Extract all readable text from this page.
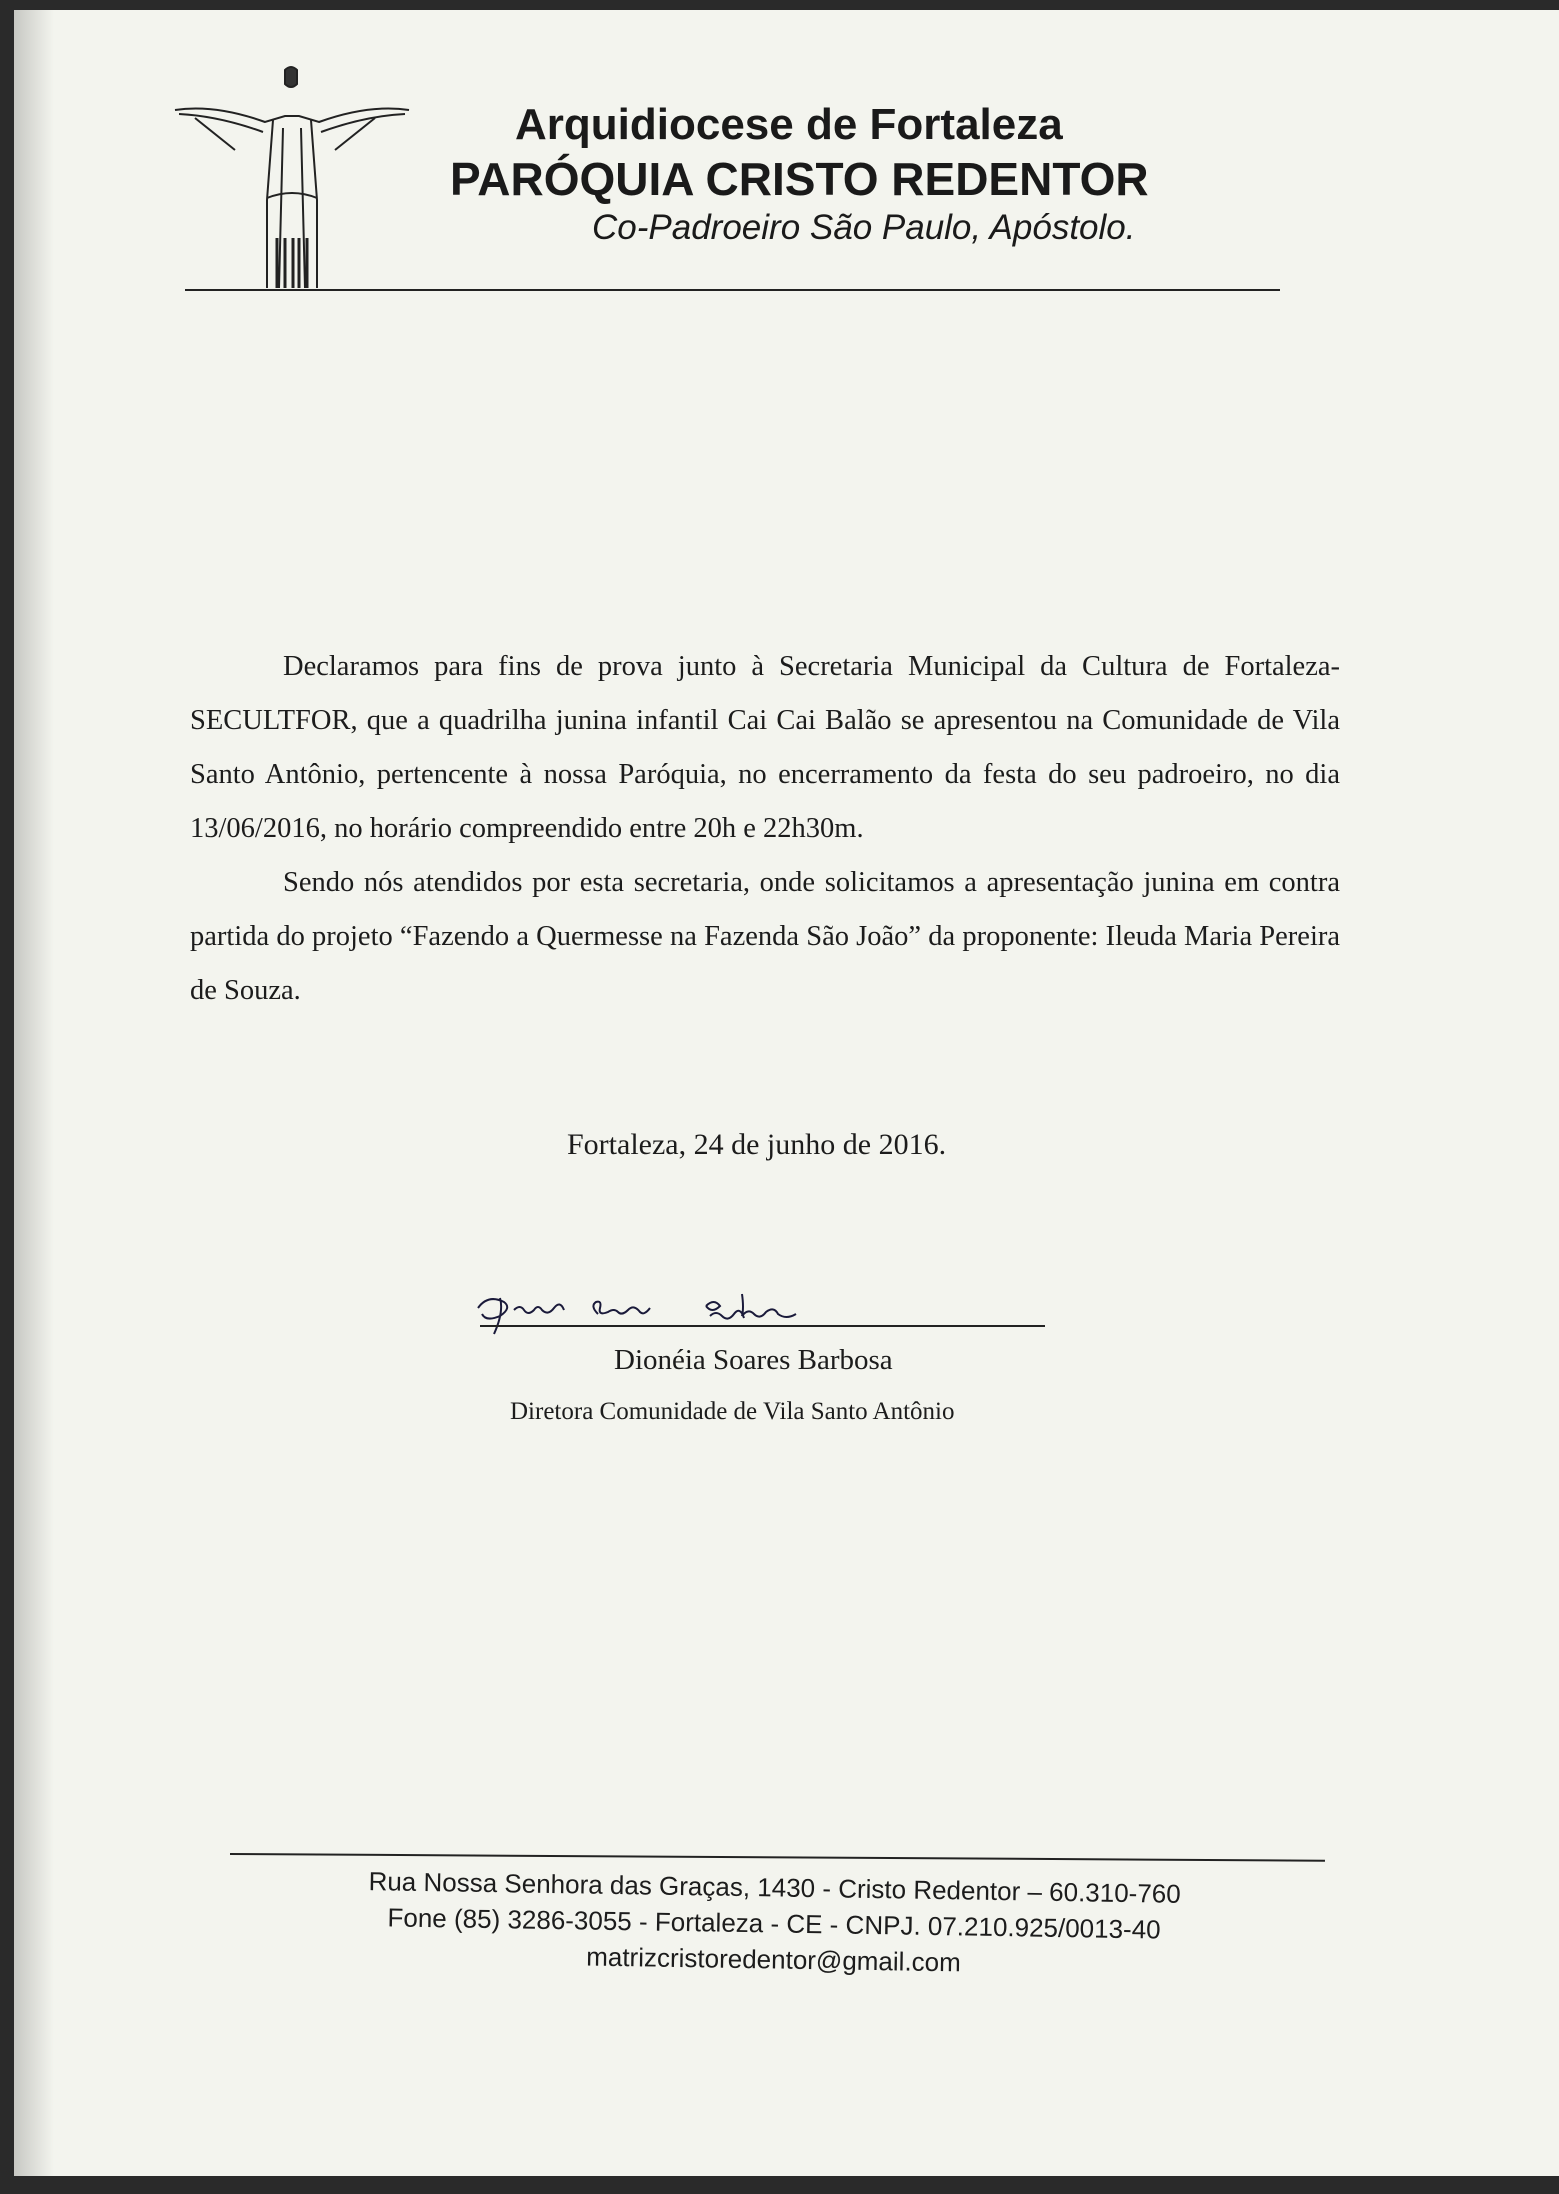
Arquidiocese de Fortaleza
PARÓQUIA CRISTO REDENTOR
Co-Padroeiro São Paulo, Apóstolo.

Declaramos para fins de prova junto à Secretaria Municipal da Cultura de Fortaleza-SECULTFOR, que a quadrilha junina infantil Cai Cai Balão se apresentou na Comunidade de Vila Santo Antônio, pertencente à nossa Paróquia, no encerramento da festa do seu padroeiro, no dia 13/06/2016, no horário compreendido entre 20h e 22h30m.

Sendo nós atendidos por esta secretaria, onde solicitamos a apresentação junina em contra partida do projeto “Fazendo a Quermesse na Fazenda São João” da proponente: Ileuda Maria Pereira de Souza.

Fortaleza, 24 de junho de 2016.
Dionéia Soares Barbosa
Diretora Comunidade de Vila Santo Antônio
Rua Nossa Senhora das Graças, 1430 - Cristo Redentor – 60.310-760
Fone (85) 3286-3055 - Fortaleza - CE - CNPJ. 07.210.925/0013-40
matrizcristoredentor@gmail.com
